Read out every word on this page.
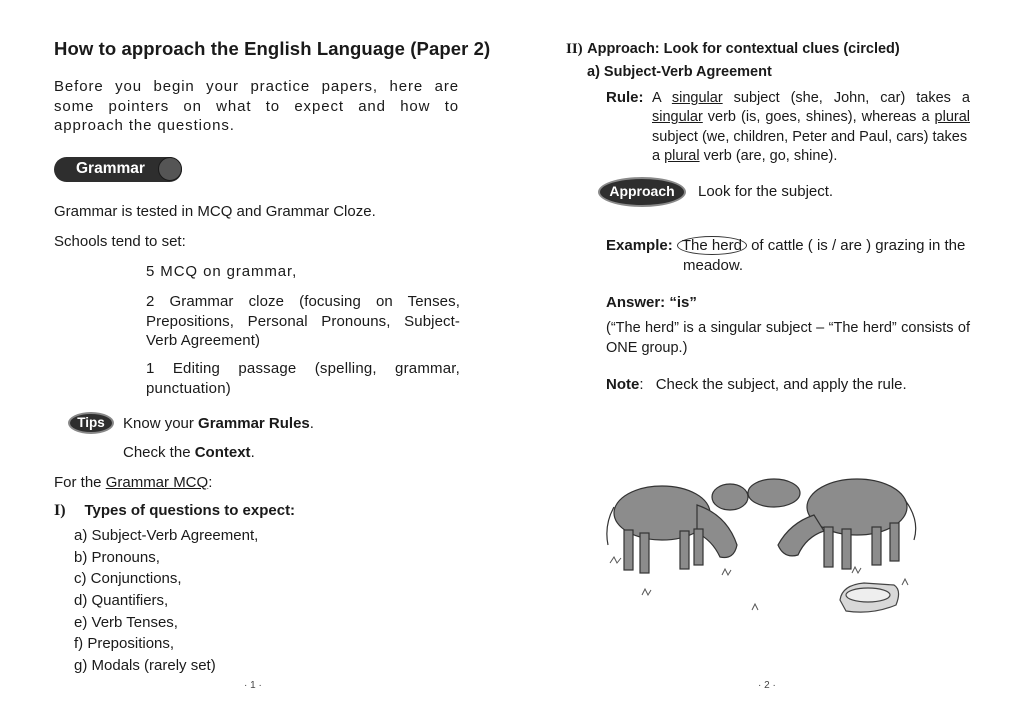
How to approach the English Language (Paper 2)
Before you begin your practice papers, here are some pointers on what to expect and how to approach the questions.
Grammar
Grammar is tested in MCQ and Grammar Cloze.
Schools tend to set:
5 MCQ on grammar,
2 Grammar cloze (focusing on Tenses, Prepositions, Personal Pronouns, Subject-Verb Agreement)
1 Editing passage (spelling, grammar, punctuation)
Tips	Know your Grammar Rules.
Check the Context.
For the Grammar MCQ:
I) Types of questions to expect:
a) Subject-Verb Agreement,
b) Pronouns,
c) Conjunctions,
d) Quantifiers,
e) Verb Tenses,
f) Prepositions,
g) Modals (rarely set)
· 1 ·
II) Approach: Look for contextual clues (circled)
a) Subject-Verb Agreement
Rule: A singular subject (she, John, car) takes a
singular verb (is, goes, shines), whereas a plural
subject (we, children, Peter and Paul, cars) takes
a plural verb (are, go, shine).
Approach	Look for the subject.
Example: The herd of cattle ( is / are ) grazing in the
meadow.
Answer: “is”
(“The herd” is a singular subject – “The herd” consists of ONE group.)
Note: Check the subject, and apply the rule.
· 2 ·
